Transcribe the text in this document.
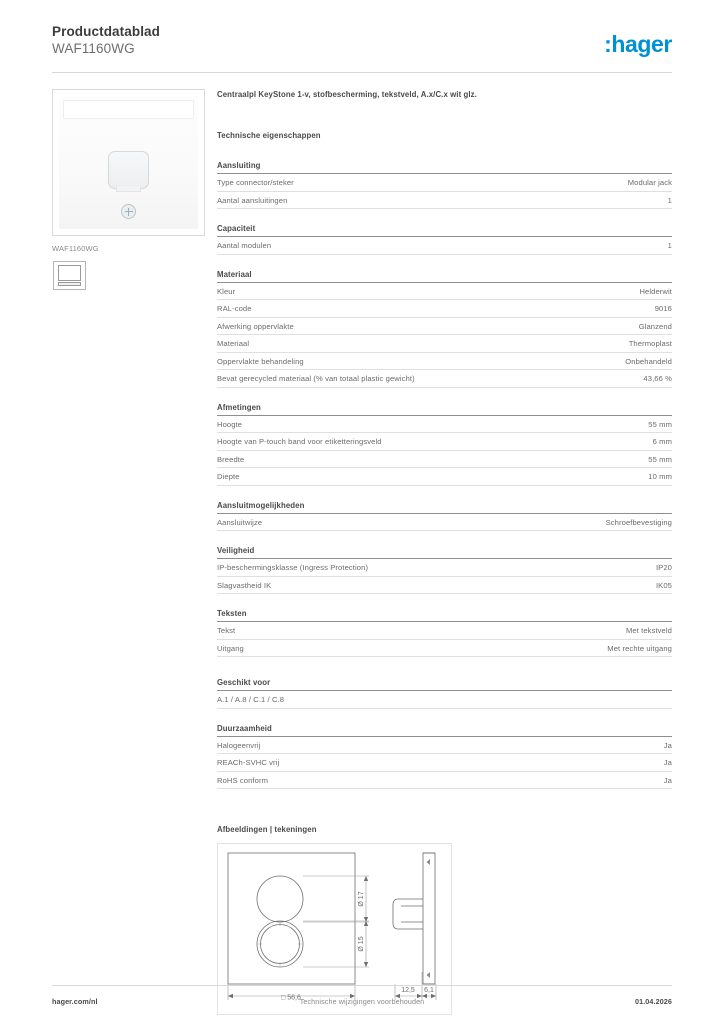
Productdatablad
WAF1160WG	:hager
WAF1160WG

Centraalpl KeyStone 1-v, stofbescherming, tekstveld, A.x/C.x wit glz.

Technische eigenschappen

Aansluiting
Type connector/steker	Modular jack
Aantal aansluitingen	1
Capaciteit
Aantal modulen	1
Materiaal
Kleur	Helderwit
RAL-code	9016
Afwerking oppervlakte	Glanzend
Materiaal	Thermoplast
Oppervlakte behandeling	Onbehandeld
Bevat gerecycled materiaal (% van totaal plastic gewicht)	43,66 %
Afmetingen
Hoogte	55 mm
Hoogte van P-touch band voor etiketteringsveld	6 mm
Breedte	55 mm
Diepte	10 mm
Aansluitmogelijkheden
Aansluitwijze	Schroefbevestiging
Veiligheid
IP-beschermingsklasse (Ingress Protection)	IP20
Slagvastheid IK	IK05
Teksten
Tekst	Met tekstveld
Uitgang	Met rechte uitgang
Geschikt voor
A.1 / A.8 / C.1 / C.8
Duurzaamheid
Halogeenvrij	Ja
REACh-SVHC vrij	Ja
RoHS conform	Ja
Afbeeldingen | tekeningen
□ 56,6
Ø 17
Ø 15
12,5 6,1
hager.com/nl	Technische wijzigingen voorbehouden	01.04.2026
